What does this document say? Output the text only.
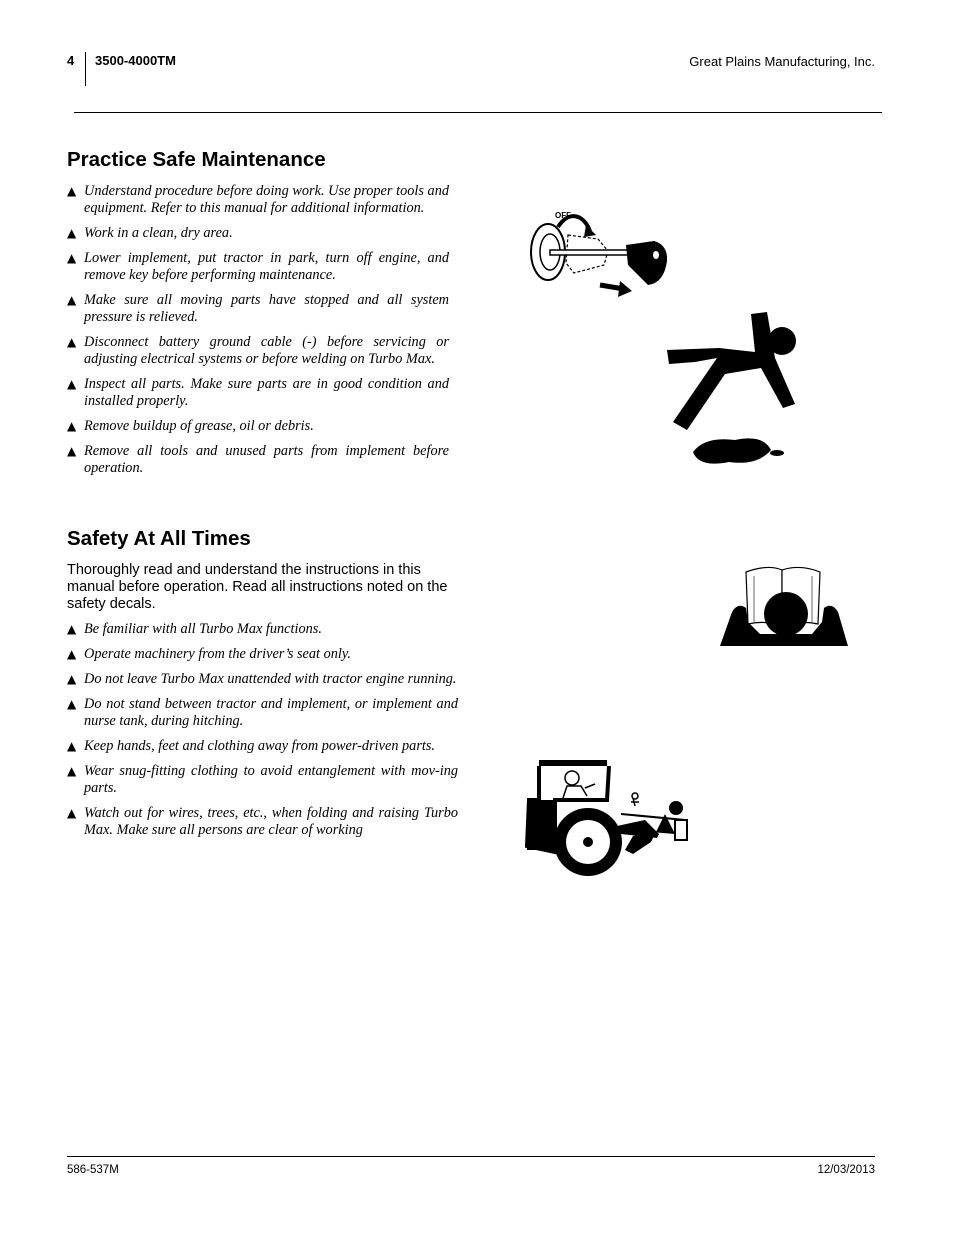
4 3500-4000TM	Great Plains Manufacturing, Inc.
Practice Safe Maintenance
▲ Understand procedure before doing work. Use proper tools and equipment. Refer to this manual for additional information.
▲ Work in a clean, dry area.
▲ Lower implement, put tractor in park, turn off engine, and remove key before performing maintenance.
▲ Make sure all moving parts have stopped and all system pressure is relieved.
▲ Disconnect battery ground cable (-) before servicing or adjusting electrical systems or before welding on Turbo Max.
▲ Inspect all parts. Make sure parts are in good condition and installed properly.
▲ Remove buildup of grease, oil or debris.
▲ Remove all tools and unused parts from implement before operation.
Safety At All Times

Thoroughly read and understand the instructions in this manual before operation. Read all instructions noted on the safety decals.

▲ Be familiar with all Turbo Max functions.
▲ Operate machinery from the driver’s seat only.
▲ Do not leave Turbo Max unattended with tractor engine running.
▲ Do not stand between tractor and implement, or implement and nurse tank, during hitching.
▲ Keep hands, feet and clothing away from power-driven parts.
▲ Wear snug-fitting clothing to avoid entanglement with mov-ing parts.
▲ Watch out for wires, trees, etc., when folding and raising Turbo Max. Make sure all persons are clear of working
OFF
586-537M	12/03/2013
